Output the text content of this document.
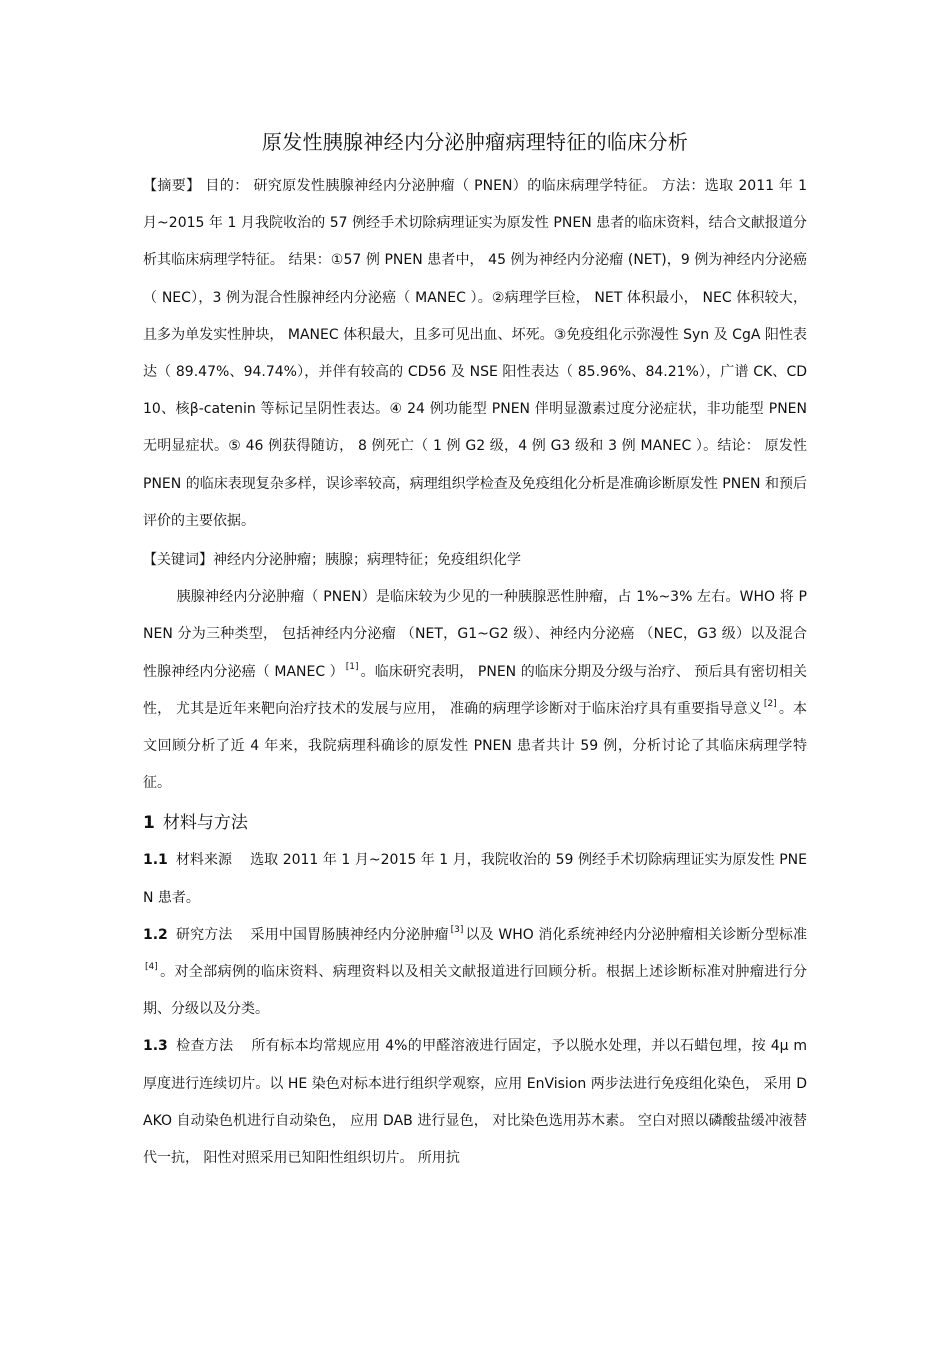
原发性胰腺神经内分泌肿瘤病理特征的临床分析

【摘要】 目的： 研究原发性胰腺神经内分泌肿瘤（ PNEN）的临床病理学特征。 方法：选取 2011 年 1 月~2015 年 1 月我院收治的 57 例经手术切除病理证实为原发性 PNEN 患者的临床资料，结合文献报道分析其临床病理学特征。 结果：①57 例 PNEN 患者中， 45 例为神经内分泌瘤 (NET)，9 例为神经内分泌癌（ NEC），3 例为混合性腺神经内分泌癌（ MANEC ）。②病理学巨检， NET 体积最小， NEC 体积较大，且多为单发实性肿块， MANEC 体积最大，且多可见出血、坏死。③免疫组化示弥漫性 Syn 及 CgA 阳性表达（ 89.47%、94.74%），并伴有较高的 CD56 及 NSE 阳性表达（ 85.96%、84.21%），广谱 CK、CD10、核β-catenin 等标记呈阴性表达。④ 24 例功能型 PNEN 伴明显激素过度分泌症状，非功能型 PNEN 无明显症状。⑤ 46 例获得随访， 8 例死亡（ 1 例 G2 级，4 例 G3 级和 3 例 MANEC ）。结论： 原发性 PNEN 的临床表现复杂多样，误诊率较高，病理组织学检查及免疫组化分析是准确诊断原发性 PNEN 和预后评价的主要依据。

【关键词】神经内分泌肿瘤；胰腺；病理特征；免疫组织化学

胰腺神经内分泌肿瘤（ PNEN）是临床较为少见的一种胰腺恶性肿瘤，占 1%~3% 左右。WHO 将 PNEN 分为三种类型， 包括神经内分泌瘤 （NET，G1~G2 级）、神经内分泌癌 （NEC，G3 级）以及混合性腺神经内分泌癌（ MANEC ） [1] 。临床研究表明， PNEN 的临床分期及分级与治疗、 预后具有密切相关性， 尤其是近年来靶向治疗技术的发展与应用， 准确的病理学诊断对于临床治疗具有重要指导意义 [2] 。本文回顾分析了近 4 年来，我院病理科确诊的原发性 PNEN 患者共计 59 例，分析讨论了其临床病理学特征。

1 材料与方法

1.1 材料来源 选取 2011 年 1 月~2015 年 1 月，我院收治的 59 例经手术切除病理证实为原发性 PNEN 患者。

1.2 研究方法 采用中国胃肠胰神经内分泌肿瘤 [3] 以及 WHO 消化系统神经内分泌肿瘤相关诊断分型标准[4] 。对全部病例的临床资料、病理资料以及相关文献报道进行回顾分析。根据上述诊断标准对肿瘤进行分期、分级以及分类。

1.3 检查方法 所有标本均常规应用 4%的甲醛溶液进行固定，予以脱水处理，并以石蜡包埋，按 4μ m 厚度进行连续切片。以 HE 染色对标本进行组织学观察，应用 EnVision 两步法进行免疫组化染色， 采用 DAKO 自动染色机进行自动染色， 应用 DAB 进行显色， 对比染色选用苏木素。 空白对照以磷酸盐缓冲液替代一抗， 阳性对照采用已知阳性组织切片。 所用抗
